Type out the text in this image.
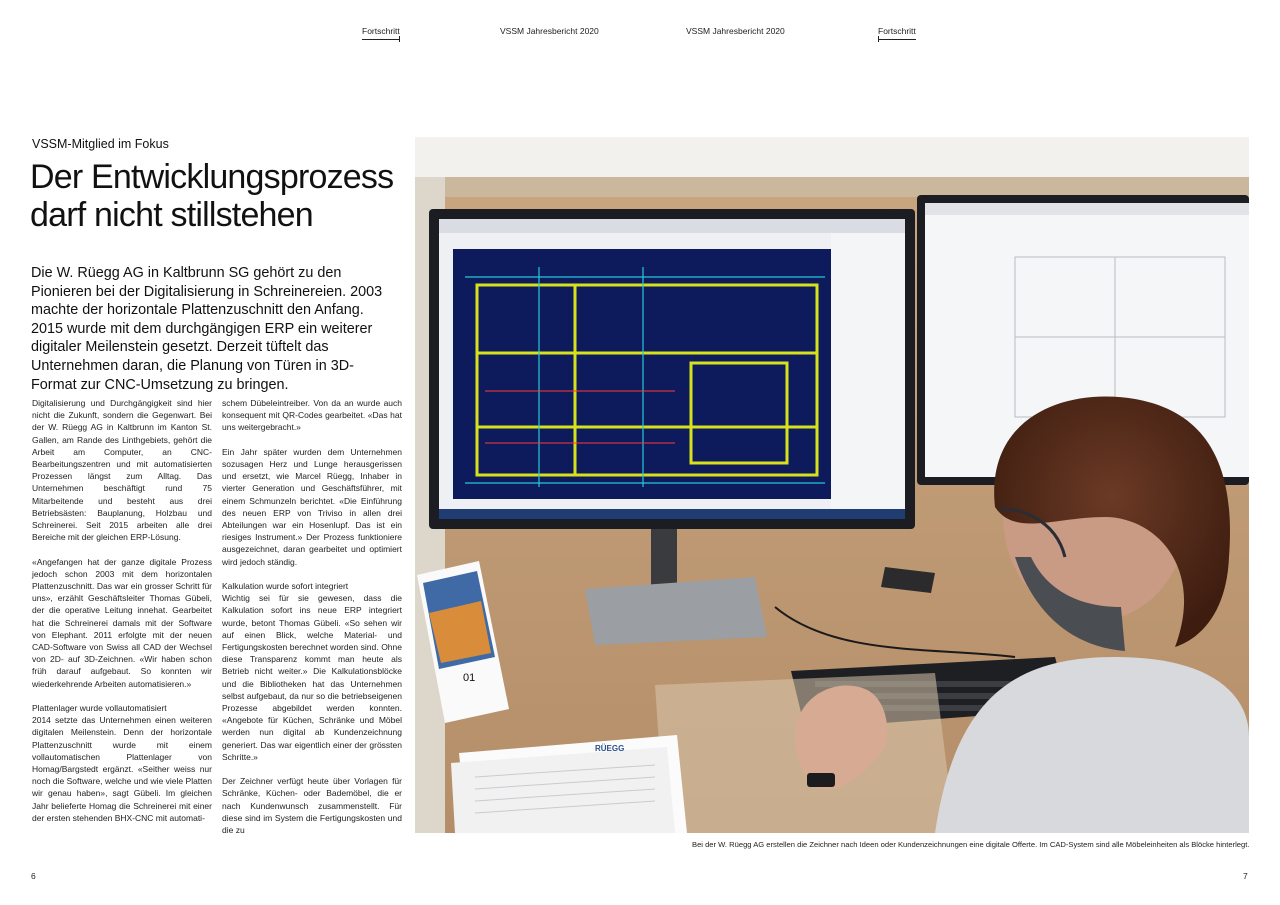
Fortschritt	VSSM Jahresbericht 2020	VSSM Jahresbericht 2020	Fortschritt
VSSM-Mitglied im Fokus
Der Entwicklungsprozess
darf nicht stillstehen

Die W. Rüegg AG in Kaltbrunn SG gehört zu den Pionieren bei der Digitalisierung in Schreinereien. 2003 machte der horizontale Plattenzuschnitt den Anfang. 2015 wurde mit dem durchgängigen ERP ein weiterer digitaler Meilenstein gesetzt. Derzeit tüftelt das Unternehmen daran, die Planung von Türen in 3D-Format zur CNC-Umsetzung zu bringen.

Digitalisierung und Durchgängigkeit sind hier nicht die Zukunft, sondern die Gegenwart. Bei der W. Rüegg AG in Kaltbrunn im Kanton St. Gallen, am Rande des Linthgebiets, gehört die Arbeit am Computer, an CNC-Bearbeitungszentren und mit automatisierten Prozessen längst zum Alltag. Das Unternehmen beschäftigt rund 75 Mitarbeitende und besteht aus drei Betriebsästen: Bauplanung, Holzbau und Schreinerei. Seit 2015 arbeiten alle drei Bereiche mit der gleichen ERP-Lösung.

«Angefangen hat der ganze digitale Prozess jedoch schon 2003 mit dem horizontalen Plattenzuschnitt. Das war ein grosser Schritt für uns», erzählt Geschäftsleiter Thomas Gübeli, der die operative Leitung innehat. Gearbeitet hat die Schreinerei damals mit der Software von Elephant. 2011 erfolgte mit der neuen CAD-Software von Swiss all CAD der Wechsel von 2D- auf 3D-Zeichnen. «Wir haben schon früh darauf aufgebaut. So konnten wir wiederkehrende Arbeiten automatisieren.»

Plattenlager wurde vollautomatisiert
2014 setzte das Unternehmen einen weiteren digitalen Meilenstein. Denn der horizontale Plattenzuschnitt wurde mit einem vollautomatischen Plattenlager von Homag/Bargstedt ergänzt. «Seither weiss nur noch die Software, welche und wie viele Platten wir genau haben», sagt Gübeli. Im gleichen Jahr belieferte Homag die Schreinerei mit einer der ersten stehenden BHX-CNC mit automati-

schem Dübeleintreiber. Von da an wurde auch konsequent mit QR-Codes gearbeitet. «Das hat uns weitergebracht.»

Ein Jahr später wurden dem Unternehmen sozusagen Herz und Lunge herausgerissen und ersetzt, wie Marcel Rüegg, Inhaber in vierter Generation und Geschäftsführer, mit einem Schmunzeln berichtet. «Die Einführung des neuen ERP von Triviso in allen drei Abteilungen war ein Hosenlupf. Das ist ein riesiges Instrument.» Der Prozess funktioniere ausgezeichnet, daran gearbeitet und optimiert wird jedoch ständig.

Kalkulation wurde sofort integriert
Wichtig sei für sie gewesen, dass die Kalkulation sofort ins neue ERP integriert wurde, betont Thomas Gübeli. «So sehen wir auf einen Blick, welche Material- und Fertigungskosten berechnet worden sind. Ohne diese Transparenz kommt man heute als Betrieb nicht weiter.» Die Kalkulationsblöcke und die Bibliotheken hat das Unternehmen selbst aufgebaut, da nur so die betriebseigenen Prozesse abgebildet werden konnten. «Angebote für Küchen, Schränke und Möbel werden nun digital ab Kundenzeichnung generiert. Das war eigentlich einer der grössten Schritte.»

Der Zeichner verfügt heute über Vorlagen für Schränke, Küchen- oder Bademöbel, die er nach Kundenwunsch zusammenstellt. Für diese sind im System die Fertigungskosten und die zu

01
RÜEGG
Bei der W. Rüegg AG erstellen die Zeichner nach Ideen oder Kundenzeichnungen eine digitale Offerte. Im CAD-System sind alle Möbeleinheiten als Blöcke hinterlegt.
6	7
